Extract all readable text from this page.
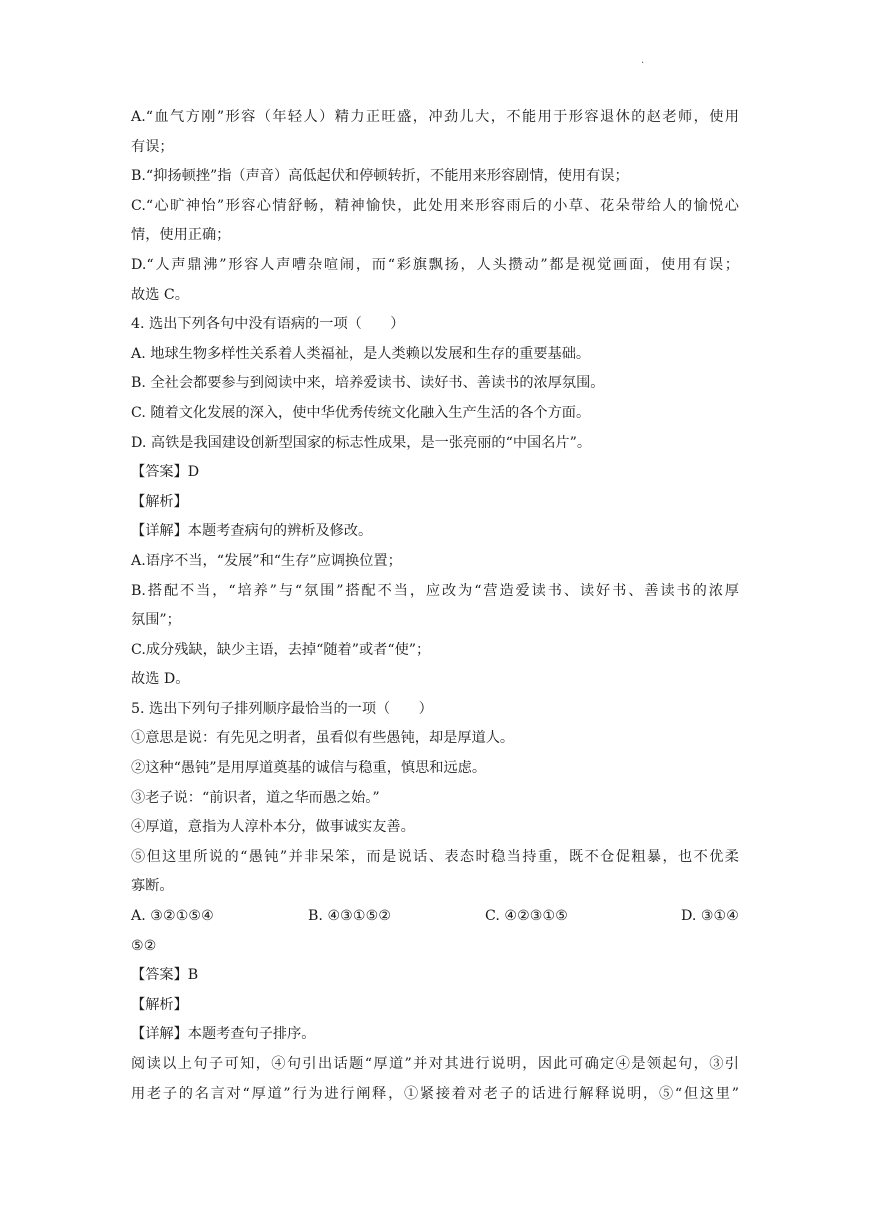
.
A.“血气方刚”形容（年轻人）精力正旺盛，冲劲儿大，不能用于形容退休的赵老师，使用
有误；
B.“抑扬顿挫”指（声音）高低起伏和停顿转折，不能用来形容剧情，使用有误；
C.“心旷神怡”形容心情舒畅，精神愉快，此处用来形容雨后的小草、花朵带给人的愉悦心
情，使用正确；
D.“人声鼎沸”形容人声嘈杂喧闹，而“彩旗飘扬，人头攒动”都是视觉画面，使用有误；
故选 C。
4. 选出下列各句中没有语病的一项（　　）
A. 地球生物多样性关系着人类福祉，是人类赖以发展和生存的重要基础。
B. 全社会都要参与到阅读中来，培养爱读书、读好书、善读书的浓厚氛围。
C. 随着文化发展的深入，使中华优秀传统文化融入生产生活的各个方面。
D. 高铁是我国建设创新型国家的标志性成果，是一张亮丽的“中国名片”。
【答案】D
【解析】
【详解】本题考查病句的辨析及修改。
A.语序不当，“发展”和“生存”应调换位置；
B.搭配不当，“培养”与“氛围”搭配不当，应改为“营造爱读书、读好书、善读书的浓厚
氛围”；
C.成分残缺，缺少主语，去掉“随着”或者“使”；
故选 D。
5. 选出下列句子排列顺序最恰当的一项（　　）
①意思是说：有先见之明者，虽看似有些愚钝，却是厚道人。
②这种“愚钝”是用厚道奠基的诚信与稳重，慎思和远虑。
③老子说：“前识者，道之华而愚之始。”
④厚道，意指为人淳朴本分，做事诚实友善。
⑤但这里所说的“愚钝”并非呆笨，而是说话、表态时稳当持重，既不仓促粗暴，也不优柔
寡断。
A. ③②①⑤④	B. ④③①⑤②	C. ④②③①⑤	D. ③①④
⑤②
【答案】B
【解析】
【详解】本题考查句子排序。
阅读以上句子可知，④句引出话题“厚道”并对其进行说明，因此可确定④是领起句，③引
用老子的名言对“厚道”行为进行阐释，①紧接着对老子的话进行解释说明，⑤“但这里”
